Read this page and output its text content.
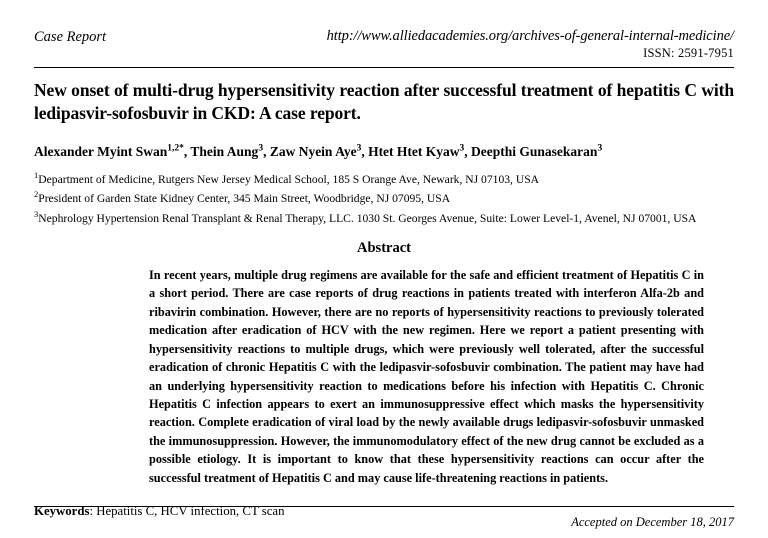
Case Report	http://www.alliedacademies.org/archives-of-general-internal-medicine/
ISSN: 2591-7951
New onset of multi-drug hypersensitivity reaction after successful treatment of hepatitis C with ledipasvir-sofosbuvir in CKD: A case report.
Alexander Myint Swan$^{1,2*}$, Thein Aung$^3$, Zaw Nyein Aye$^3$, Htet Htet Kyaw$^3$, Deepthi Gunasekaran$^3$
$^1$Department of Medicine, Rutgers New Jersey Medical School, 185 S Orange Ave, Newark, NJ 07103, USA
$^2$President of Garden State Kidney Center, 345 Main Street, Woodbridge, NJ 07095, USA
$^3$Nephrology Hypertension Renal Transplant & Renal Therapy, LLC. 1030 St. Georges Avenue, Suite: Lower Level-1, Avenel, NJ 07001, USA
Abstract
In recent years, multiple drug regimens are available for the safe and efficient treatment of Hepatitis C in a short period. There are case reports of drug reactions in patients treated with interferon Alfa-2b and ribavirin combination. However, there are no reports of hypersensitivity reactions to previously tolerated medication after eradication of HCV with the new regimen. Here we report a patient presenting with hypersensitivity reactions to multiple drugs, which were previously well tolerated, after the successful eradication of chronic Hepatitis C with the ledipasvir-sofosbuvir combination. The patient may have had an underlying hypersensitivity reaction to medications before his infection with Hepatitis C. Chronic Hepatitis C infection appears to exert an immunosuppressive effect which masks the hypersensitivity reaction. Complete eradication of viral load by the newly available drugs ledipasvir-sofosbuvir unmasked the immunosuppression. However, the immunomodulatory effect of the new drug cannot be excluded as a possible etiology. It is important to know that these hypersensitivity reactions can occur after the successful treatment of Hepatitis C and may cause life-threatening reactions in patients.
Keywords: Hepatitis C, HCV infection, CT scan
Accepted on December 18, 2017
